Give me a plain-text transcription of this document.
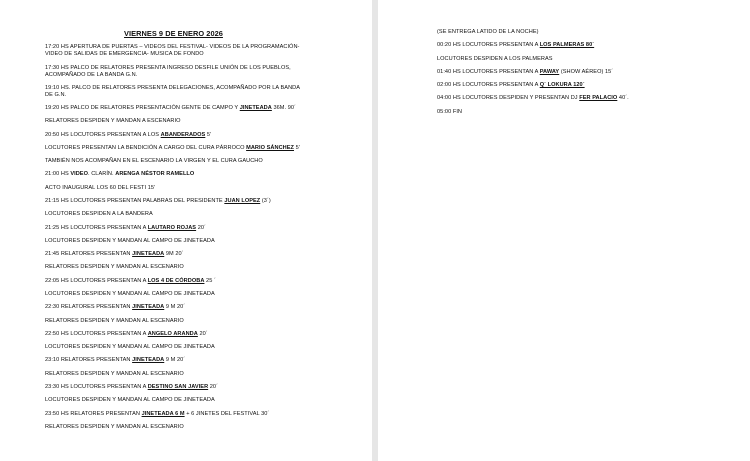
VIERNES 9 DE ENERO 2026
17:20 HS APERTURA DE PUERTAS – VIDEOS DEL FESTIVAL- VIDEOS DE LA PROGRAMACIÓN- VIDEO DE SALIDAS DE EMERGENCIA- MUSICA DE FONDO
17:30 HS PALCO DE RELATORES PRESENTA INGRESO DESFILE UNIÓN DE LOS PUEBLOS, ACOMPAÑADO DE LA BANDA G.N.
19:10 HS. PALCO DE RELATORES PRESENTA DELEGACIONES, ACOMPAÑADO POR LA BANDA DE G.N.
19:20 HS PALCO DE RELATORES PRESENTACIÓN GENTE DE CAMPO Y JINETEADA 36M. 90´
RELATORES DESPIDEN Y MANDAN A ESCENARIO
20:50 HS LOCUTORES PRESENTAN A LOS ABANDERADOS 5'
LOCUTORES PRESENTAN LA BENDICIÓN A CARGO DEL CURA PÁRROCO MARIO SÁNCHEZ 5'
TAMBIÉN NOS ACOMPAÑAN EN EL ESCENARIO LA VIRGEN Y EL CURA GAUCHO
21:00 HS VIDEO. CLARÍN. ARENGA NÉSTOR RAMELLO
ACTO INAUGURAL LOS 60 DEL FESTI 15'
21:15 HS LOCUTORES PRESENTAN PALABRAS DEL PRESIDENTE JUAN LOPEZ (3´)
LOCUTORES DESPIDEN A LA BANDERA
21:25 HS LOCUTORES PRESENTAN A LAUTARO ROJAS 20´
LOCUTORES DESPIDEN Y MANDAN AL CAMPO DE JINETEADA
21:45 RELATORES PRESENTAN JINETEADA 9M 20´
RELATORES DESPIDEN Y MANDAN AL ESCENARIO
22:05 HS LOCUTORES PRESENTAN A LOS 4 DE CÓRDOBA 25 ´
LOCUTORES DESPIDEN Y MANDAN AL CAMPO DE JINETEADA
22:30 RELATORES PRESENTAN JINETEADA 9 M 20´
RELATORES DESPIDEN Y MANDAN AL ESCENARIO
22:50 HS LOCUTORES PRESENTAN A ANGELO ARANDA 20´
LOCUTORES DESPIDEN Y MANDAN AL CAMPO DE JINETEADA
23:10 RELATORES PRESENTAN JINETEADA 9 M 20´
RELATORES DESPIDEN Y MANDAN AL ESCENARIO
23:30 HS LOCUTORES PRESENTAN A DESTINO SAN JAVIER 20´
LOCUTORES DESPIDEN Y MANDAN AL CAMPO DE JINETEADA
23:50 HS RELATORES PRESENTAN JINETEADA 6 M + 6 JINETES DEL FESTIVAL 30´
RELATORES DESPIDEN Y MANDAN AL ESCENARIO
(SE ENTREGA LATIDO DE LA NOCHE)
00:20 HS LOCUTORES PRESENTAN A LOS PALMERAS 80´
LOCUTORES DESPIDEN A LOS PALMERAS
01:40 HS LOCUTORES PRESENTAN A PAWAY (SHOW AÉREO) 15´
02:00 HS LOCUTORES PRESENTAN A Q´ LOKURA 120´
04:00 HS LOCUTORES DESPIDEN Y PRESENTAN DJ FER PALACIO 40´.
05:00 FIN
